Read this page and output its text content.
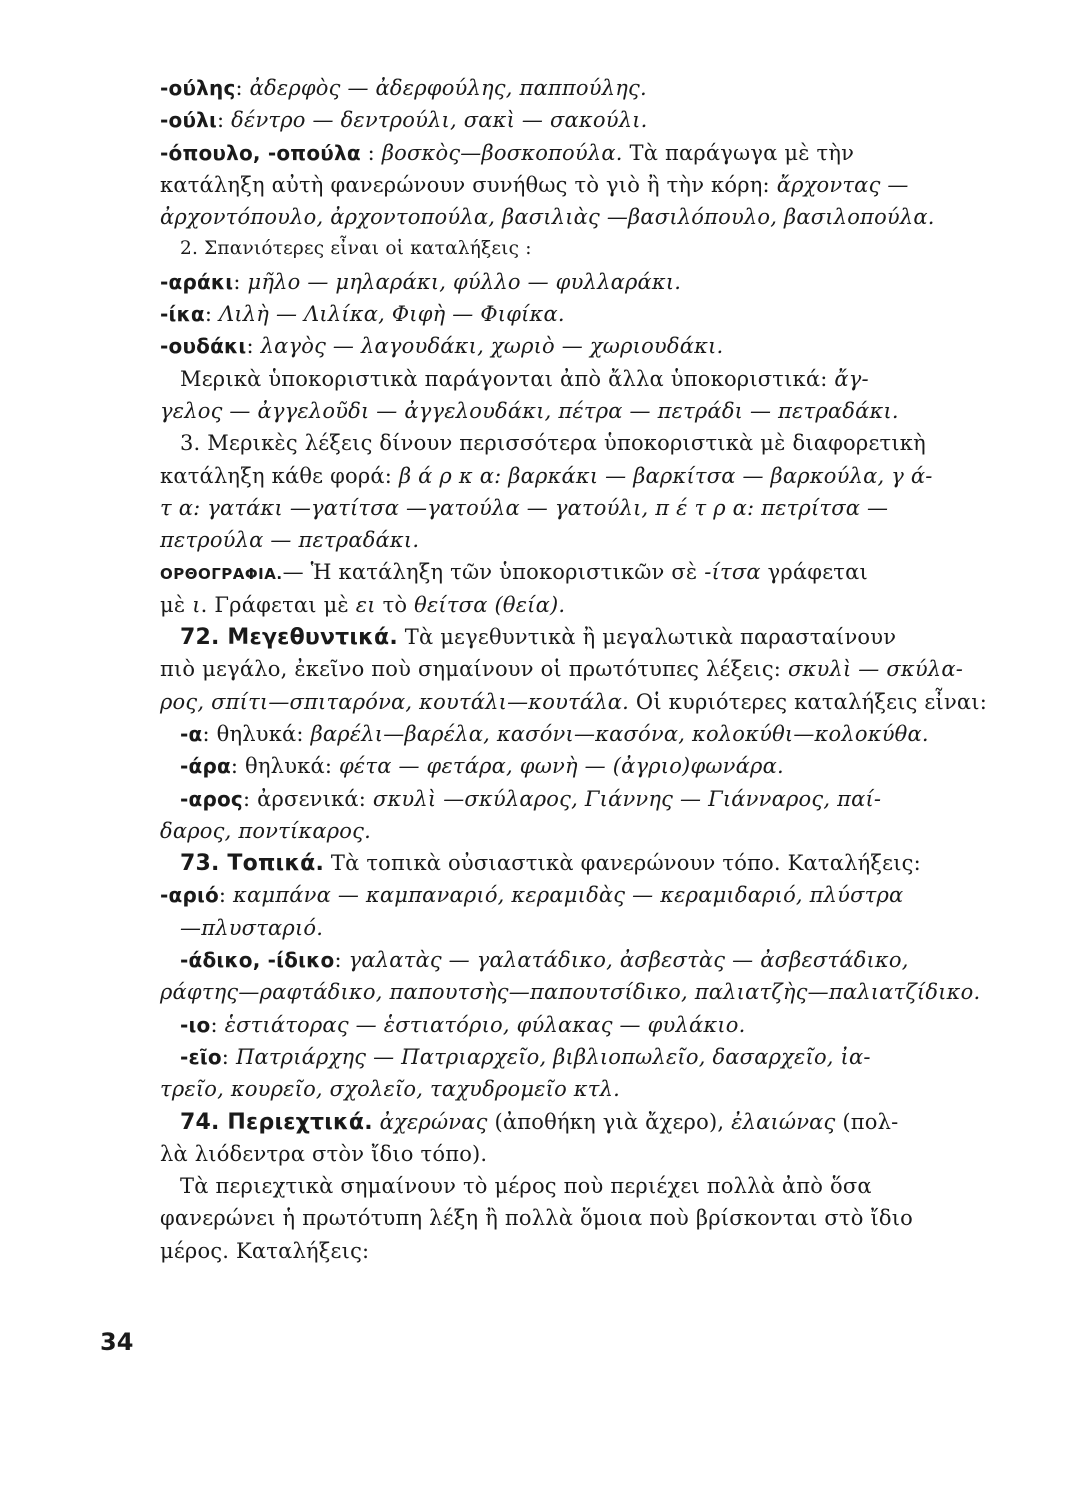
-ούλης: ἀδερφὸς — ἀδερφούλης, παππούλης.
-ούλι: δέντρο — δεντρούλι, σακὶ — σακούλι.
-όπουλο, -οπούλα : βοσκὸς—βοσκοπούλα. Τὰ παράγωγα μὲ τὴν
κατάληξη αὐτὴ φανερώνουν συνήθως τὸ γιὸ ἢ τὴν κόρη: ἄρχοντας —
ἀρχοντόπουλο, ἀρχοντοπούλα, βασιλιὰς —βασιλόπουλο, βασιλοπούλα.
2. Σπανιότερες εἶναι οἱ καταλήξεις :
-αράκι: μῆλο — μηλαράκι, φύλλο — φυλλαράκι.
-ίκα: Λιλὴ — Λιλίκα, Φιφὴ — Φιφίκα.
-ουδάκι: λαγὸς — λαγουδάκι, χωριὸ — χωριουδάκι.
Μερικὰ ὑποκοριστικὰ παράγονται ἀπὸ ἄλλα ὑποκοριστικά: ἄγ-
γελος — ἀγγελοῦδι — ἀγγελουδάκι, πέτρα — πετράδι — πετραδάκι.
3. Μερικὲς λέξεις δίνουν περισσότερα ὑποκοριστικὰ μὲ διαφορετικὴ
κατάληξη κάθε φορά: β ά ρ κ α: βαρκάκι — βαρκίτσα — βαρκούλα, γ ά-
τ α: γατάκι —γατίτσα —γατούλα — γατούλι, π έ τ ρ α: πετρίτσα —
πετρούλα — πετραδάκι.
ΟΡΘΟΓΡΑΦΙΑ.— Ἡ κατάληξη τῶν ὑποκοριστικῶν σὲ -ίτσα γράφεται
μὲ ι. Γράφεται μὲ ει τὸ θείτσα (θεία).
72. Μεγεθυντικά. Τὰ μεγεθυντικὰ ἢ μεγαλωτικὰ παρασταίνουν
πιὸ μεγάλο, ἐκεῖνο ποὺ σημαίνουν οἱ πρωτότυπες λέξεις: σκυλὶ — σκύλα-
ρος, σπίτι—σπιταρόνα, κουτάλι—κουτάλα. Οἱ κυριότερες καταλήξεις εἶναι:
-α: θηλυκά: βαρέλι—βαρέλα, κασόνι—κασόνα, κολοκύθι—κολοκύθα.
-άρα: θηλυκά: φέτα — φετάρα, φωνὴ — (ἀγριο)φωνάρα.
-αρος: ἀρσενικά: σκυλὶ —σκύλαρος, Γιάννης — Γιάνναρος, παί-
δαρος, ποντίκαρος.
73. Τοπικά. Τὰ τοπικὰ οὐσιαστικὰ φανερώνουν τόπο. Καταλήξεις:
-αριό: καμπάνα — καμπαναριό, κεραμιδὰς — κεραμιδαριό, πλύστρα
—πλυσταριό.
-άδικο, -ίδικο: γαλατὰς — γαλατάδικο, ἀσβεστὰς — ἀσβεστάδικο,
ράφτης—ραφτάδικο, παπουτσὴς—παπουτσίδικο, παλιατζὴς—παλιατζίδικο.
-ιο: ἑστιάτορας — ἑστιατόριο, φύλακας — φυλάκιο.
-εῖο: Πατριάρχης — Πατριαρχεῖο, βιβλιοπωλεῖο, δασαρχεῖο, ἰα-
τρεῖο, κουρεῖο, σχολεῖο, ταχυδρομεῖο κτλ.
74. Περιεχτικά. ἀχερώνας (ἀποθήκη γιὰ ἄχερο), ἐλαιώνας (πολ-
λὰ λιόδεντρα στὸν ἴδιο τόπο).
Τὰ περιεχτικὰ σημαίνουν τὸ μέρος ποὺ περιέχει πολλὰ ἀπὸ ὅσα
φανερώνει ἡ πρωτότυπη λέξη ἢ πολλὰ ὅμοια ποὺ βρίσκονται στὸ ἴδιο
μέρος. Καταλήξεις:
34
